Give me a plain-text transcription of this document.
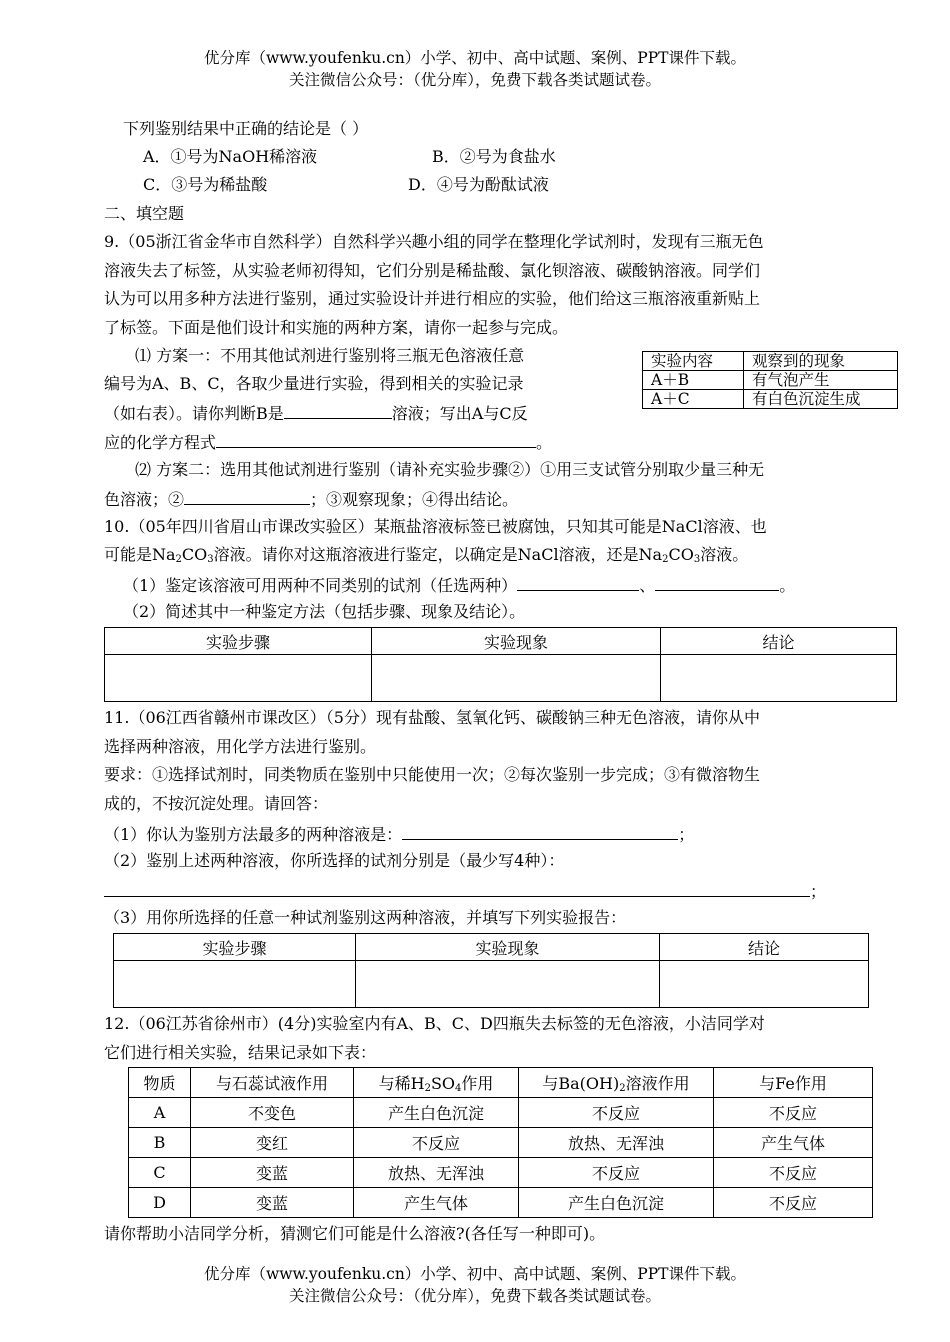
优分库（www.youfenku.cn）小学、初中、高中试题、案例、PPT课件下载。
关注微信公众号：（优分库），免费下载各类试题试卷。
下列鉴别结果中正确的结论是（ ）
A．①号为NaOH稀溶液	B．②号为食盐水
C．③号为稀盐酸	D．④号为酚酞试液
二、填空题
9.（05浙江省金华市自然科学）自然科学兴趣小组的同学在整理化学试剂时，发现有三瓶无色
溶液失去了标签，从实验老师初得知，它们分别是稀盐酸、氯化钡溶液、碳酸钠溶液。同学们
认为可以用多种方法进行鉴别，通过实验设计并进行相应的实验，他们给这三瓶溶液重新贴上
了标签。下面是他们设计和实施的两种方案，请你一起参与完成。
⑴ 方案一：不用其他试剂进行鉴别将三瓶无色溶液任意
编号为A、B、C，各取少量进行实验，得到相关的实验记录
（如右表）。请你判断B是	溶液；写出A与C反
应的化学方程式	。
实验内容	观察到的现象
A＋B	有气泡产生
A＋C	有白色沉淀生成
⑵ 方案二：选用其他试剂进行鉴别（请补充实验步骤②）①用三支试管分别取少量三种无
色溶液；②	；③观察现象；④得出结论。
10.（05年四川省眉山市课改实验区）某瓶盐溶液标签已被腐蚀，只知其可能是NaCl溶液、也
可能是$Na_2CO_3$溶液。请你对这瓶溶液进行鉴定，以确定是NaCl溶液，还是$Na_2CO_3$溶液。
（1）鉴定该溶液可用两种不同类别的试剂（任选两种）	、	。
（2）简述其中一种鉴定方法（包括步骤、现象及结论）。
实验步骤	实验现象	结论

11.（06江西省赣州市课改区）（5分）现有盐酸、氢氧化钙、碳酸钠三种无色溶液，请你从中
选择两种溶液，用化学方法进行鉴别。
要求：①选择试剂时，同类物质在鉴别中只能使用一次；②每次鉴别一步完成；③有微溶物生
成的，不按沉淀处理。请回答：
（1）你认为鉴别方法最多的两种溶液是：	；
（2）鉴别上述两种溶液，你所选择的试剂分别是（最少写4种）：
；
（3）用你所选择的任意一种试剂鉴别这两种溶液，并填写下列实验报告：
实验步骤	实验现象	结论

12.（06江苏省徐州市）(4分)实验室内有A、B、C、D四瓶失去标签的无色溶液，小洁同学对
它们进行相关实验，结果记录如下表：
物质	与石蕊试液作用	与稀$H_2SO_4$作用	与$Ba(OH)_2$溶液作用	与Fe作用
A	不变色	产生白色沉淀	不反应	不反应
B	变红	不反应	放热、无浑浊	产生气体
C	变蓝	放热、无浑浊	不反应	不反应
D	变蓝	产生气体	产生白色沉淀	不反应
请你帮助小洁同学分析，猜测它们可能是什么溶液?(各任写一种即可)。
优分库（www.youfenku.cn）小学、初中、高中试题、案例、PPT课件下载。
关注微信公众号：（优分库），免费下载各类试题试卷。
